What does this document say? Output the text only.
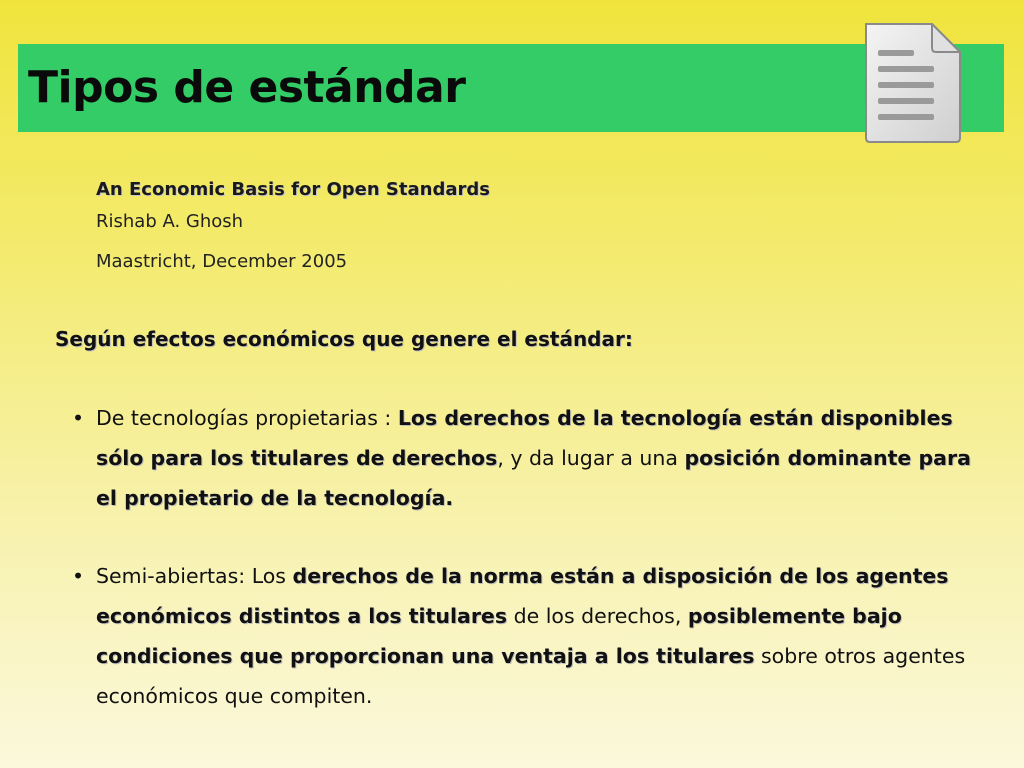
Tipos de estándar
An Economic Basis for Open Standards
Rishab A. Ghosh
Maastricht, December 2005
Según efectos económicos que genere el estándar:
• De tecnologías propietarias : Los derechos de la tecnología están disponibles sólo para los titulares de derechos, y da lugar a una posición dominante para el propietario de la tecnología.
• Semi-abiertas: Los derechos de la norma están a disposición de los agentes económicos distintos a los titulares de los derechos, posiblemente bajo condiciones que proporcionan una ventaja a los titulares sobre otros agentes económicos que compiten.
